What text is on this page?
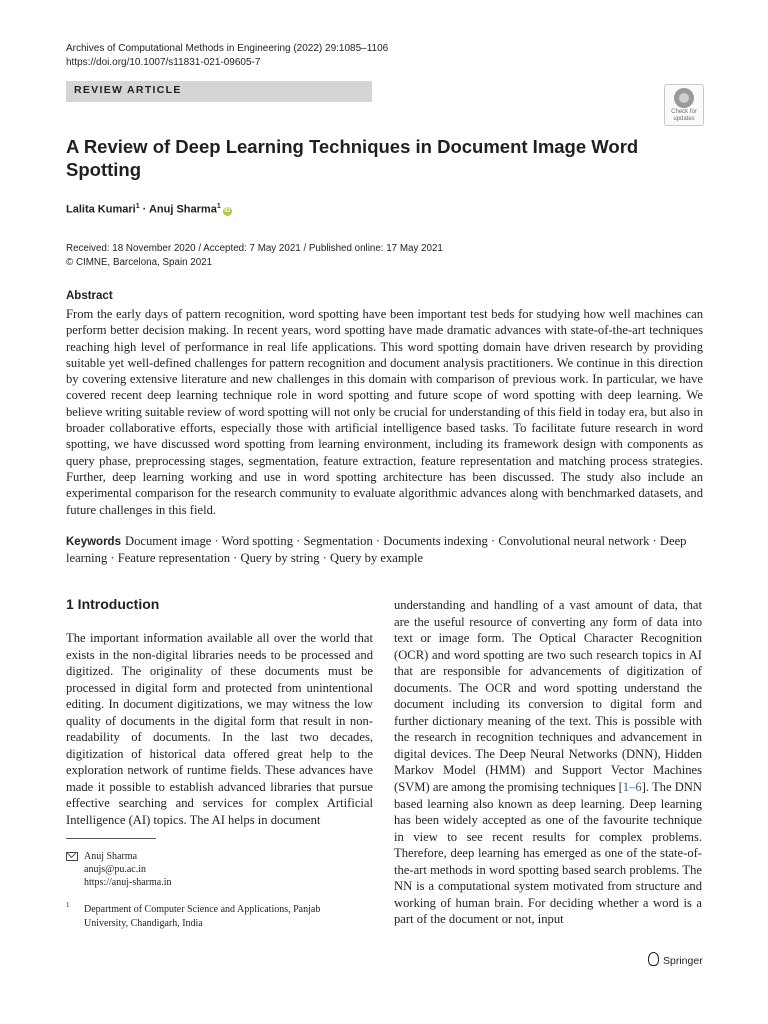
Archives of Computational Methods in Engineering (2022) 29:1085–1106
https://doi.org/10.1007/s11831-021-09605-7
REVIEW ARTICLE
Check for
updates
A Review of Deep Learning Techniques in Document Image Word Spotting
Lalita Kumari$^1$ · Anuj Sharma$^1$iD
Received: 18 November 2020 / Accepted: 7 May 2021 / Published online: 17 May 2021
© CIMNE, Barcelona, Spain 2021
Abstract
From the early days of pattern recognition, word spotting have been important test beds for studying how well machines can perform better decision making. In recent years, word spotting have made dramatic advances with state-of-the-art techniques reaching high level of performance in real life applications. This word spotting domain have driven research by providing suitable yet well-defined challenges for pattern recognition and document analysis practitioners. We continue in this direction by covering extensive literature and new challenges in this domain with comparison of previous work. In particular, we have covered recent deep learning technique role in word spotting and future scope of word spotting with deep learning. We believe writing suitable review of word spotting will not only be crucial for understanding of this field in today era, but also in broader collaborative efforts, especially those with artificial intelligence based tasks. To facilitate future research in word spotting, we have discussed word spotting from learning environment, including its framework design with components as query phase, preprocessing stages, segmentation, feature extraction, feature representation and matching process strategies. Further, deep learning working and use in word spotting architecture has been discussed. The study also include an experimental comparison for the research community to evaluate algorithmic advances along with benchmarked datasets, and future challenges in this field.
Keywords Document image · Word spotting · Segmentation · Documents indexing · Convolutional neural network · Deep learning · Feature representation · Query by string · Query by example
1 Introduction
The important information available all over the world that exists in the non-digital libraries needs to be processed and digitized. The originality of these documents must be processed in digital form and protected from unintentional editing. In document digitizations, we may witness the low quality of documents in the digital form that result in non-readability of documents. In the last two decades, digitization of historical data offered great help to the exploration network of runtime fields. These advances have made it possible to establish advanced libraries that pursue effective searching and services for complex Artificial Intelligence (AI) topics. The AI helps in document
understanding and handling of a vast amount of data, that are the useful resource of converting any form of data into text or image form. The Optical Character Recognition (OCR) and word spotting are two such research topics in AI that are responsible for advancements of digitization of documents. The OCR and word spotting understand the document including its conversion to digital form and further dictionary meaning of the text. This is possible with the research in recognition techniques and advancement in digital devices. The Deep Neural Networks (DNN), Hidden Markov Model (HMM) and Support Vector Machines (SVM) are among the promising techniques [1–6]. The DNN based learning also known as deep learning. Deep learning has been widely accepted as one of the favourite technique in view to see recent results for complex problems. Therefore, deep learning has emerged as one of the state-of-the-art methods in word spotting based search problems. The NN is a computational system motivated from structure and working of human brain. For deciding whether a word is a part of the document or not, input
Anuj Sharma
anujs@pu.ac.in
https://anuj-sharma.in
1 Department of Computer Science and Applications, Panjab University, Chandigarh, India
Springer
